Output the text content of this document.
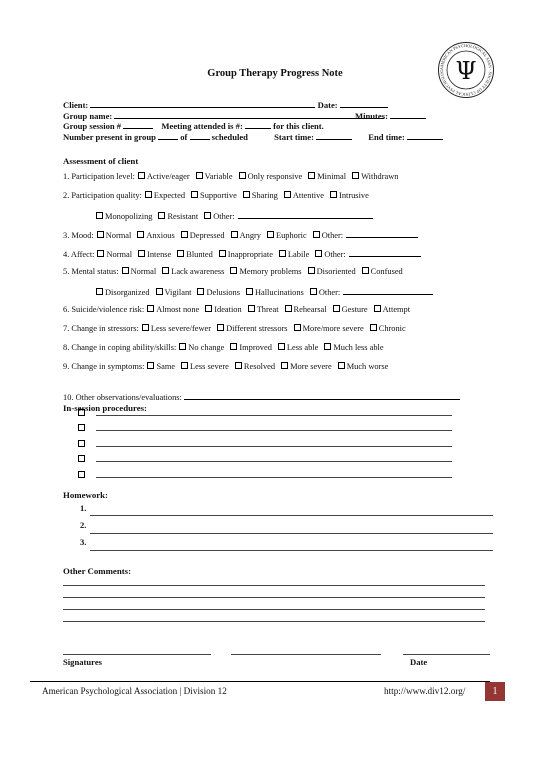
Group Therapy Progress Note	AMERICAN PSYCHOLOGICAL ASSN · SOCIETY OF CLINICAL PSYCHOLOG Ψ
Client:	Date:
Group name:	Minutes:
Group session #	Meeting attended is #:	for this client.
Number present in group	of	scheduled	Start time:	End time:
Assessment of client
1. Participation level: Active/eager Variable Only responsive Minimal Withdrawn
2. Participation quality: Expected Supportive Sharing Attentive Intrusive
Monopolizing Resistant Other:
3. Mood: Normal Anxious Depressed Angry Euphoric Other:
4. Affect: Normal Intense Blunted Inappropriate Labile Other:
5. Mental status: Normal Lack awareness Memory problems Disoriented Confused
Disorganized Vigilant Delusions Hallucinations Other:
6. Suicide/violence risk: Almost none Ideation Threat Rehearsal Gesture Attempt
7. Change in stressors: Less severe/fewer Different stressors More/more severe Chronic
8. Change in coping ability/skills: No change Improved Less able Much less able
9. Change in symptoms: Same Less severe Resolved More severe Much worse
10. Other observations/evaluations:
In-session procedures:
Homework:
1.
2.
3.
Other Comments:
Signatures	Date
American Psychological Association | Division 12	http://www.div12.org/	1
